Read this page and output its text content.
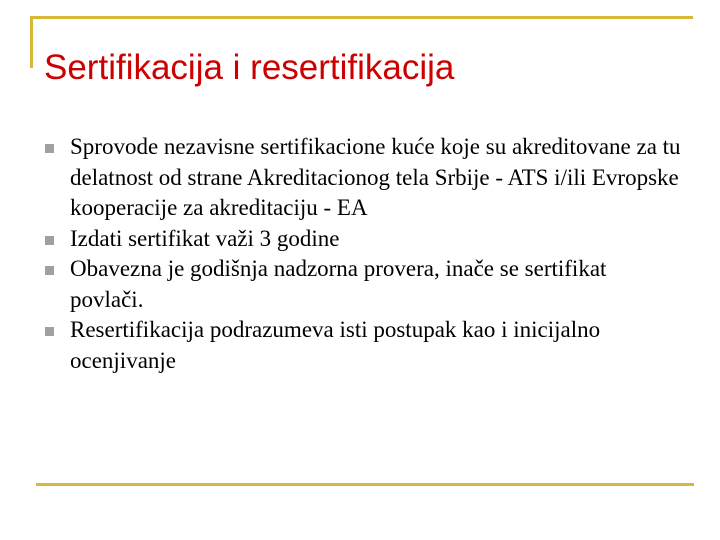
Sertifikacija i resertifikacija
Sprovode nezavisne sertifikacione kuće koje su akreditovane za tu delatnost od strane Akreditacionog tela Srbije - ATS i/ili Evropske kooperacije za akreditaciju - EA
Izdati sertifikat važi 3 godine
Obavezna je godišnja nadzorna provera, inače se sertifikat povlači.
Resertifikacija podrazumeva isti postupak kao i inicijalno ocenjivanje
